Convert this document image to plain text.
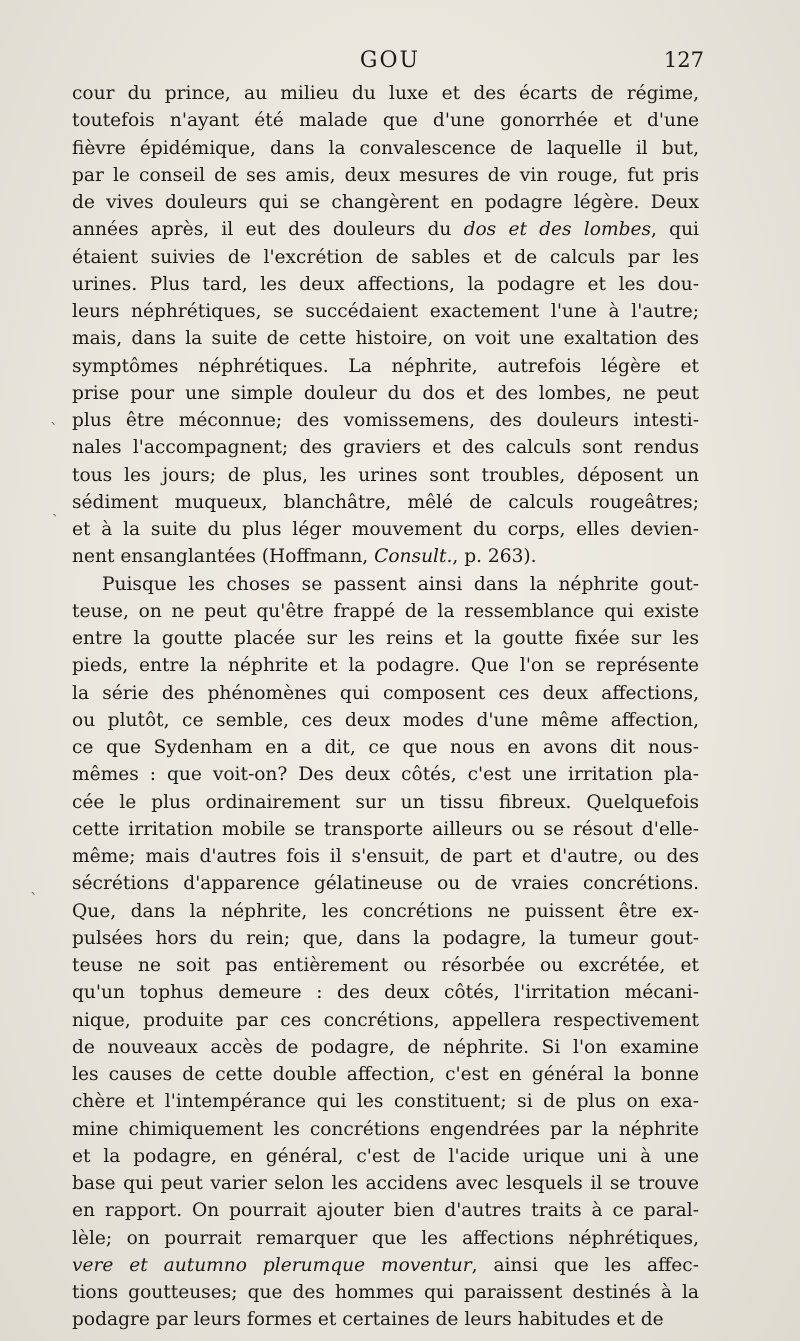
GOU	127
cour du prince, au milieu du luxe et des écarts de régime,
toutefois n'ayant été malade que d'une gonorrhée et d'une
fièvre épidémique, dans la convalescence de laquelle il but,
par le conseil de ses amis, deux mesures de vin rouge, fut pris
de vives douleurs qui se changèrent en podagre légère. Deux
années après, il eut des douleurs du dos et des lombes, qui
étaient suivies de l'excrétion de sables et de calculs par les
urines. Plus tard, les deux affections, la podagre et les dou-
leurs néphrétiques, se succédaient exactement l'une à l'autre;
mais, dans la suite de cette histoire, on voit une exaltation des
symptômes néphrétiques. La néphrite, autrefois légère et
prise pour une simple douleur du dos et des lombes, ne peut
plus être méconnue; des vomissemens, des douleurs intesti-
nales l'accompagnent; des graviers et des calculs sont rendus
tous les jours; de plus, les urines sont troubles, déposent un
sédiment muqueux, blanchâtre, mêlé de calculs rougeâtres;
et à la suite du plus léger mouvement du corps, elles devien-
nent ensanglantées (Hoffmann, Consult., p. 263).
Puisque les choses se passent ainsi dans la néphrite gout-
teuse, on ne peut qu'être frappé de la ressemblance qui existe
entre la goutte placée sur les reins et la goutte fixée sur les
pieds, entre la néphrite et la podagre. Que l'on se représente
la série des phénomènes qui composent ces deux affections,
ou plutôt, ce semble, ces deux modes d'une même affection,
ce que Sydenham en a dit, ce que nous en avons dit nous-
mêmes : que voit-on? Des deux côtés, c'est une irritation pla-
cée le plus ordinairement sur un tissu fibreux. Quelquefois
cette irritation mobile se transporte ailleurs ou se résout d'elle-
même; mais d'autres fois il s'ensuit, de part et d'autre, ou des
sécrétions d'apparence gélatineuse ou de vraies concrétions.
Que, dans la néphrite, les concrétions ne puissent être ex-
pulsées hors du rein; que, dans la podagre, la tumeur gout-
teuse ne soit pas entièrement ou résorbée ou excrétée, et
qu'un tophus demeure : des deux côtés, l'irritation mécani-
nique, produite par ces concrétions, appellera respectivement
de nouveaux accès de podagre, de néphrite. Si l'on examine
les causes de cette double affection, c'est en général la bonne
chère et l'intempérance qui les constituent; si de plus on exa-
mine chimiquement les concrétions engendrées par la néphrite
et la podagre, en général, c'est de l'acide urique uni à une
base qui peut varier selon les accidens avec lesquels il se trouve
en rapport. On pourrait ajouter bien d'autres traits à ce paral-
lèle; on pourrait remarquer que les affections néphrétiques,
vere et autumno plerumque moventur, ainsi que les affec-
tions goutteuses; que des hommes qui paraissent destinés à la
podagre par leurs formes et certaines de leurs habitudes et de
ˋ
ˎ
ˋ
